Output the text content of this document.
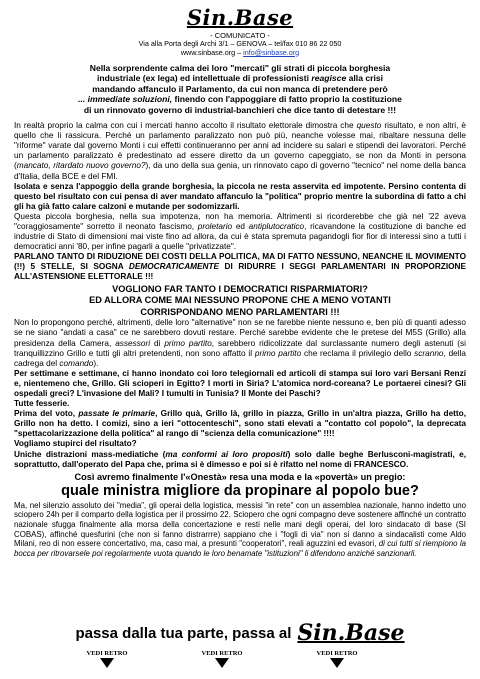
Sin.Base
- COMUNICATO -
Via alla Porta degli Archi 3/1 – GENOVA – tel/fax 010 86 22 050
www.sinbase.org – info@sinbase.org
Nella sorprendente calma dei loro "mercati" gli strati di piccola borghesia
industriale (ex lega) ed intellettuale di professionisti reagisce alla crisi
mandando affanculo il Parlamento, da cui non manca di pretendere però
... immediate soluzioni, finendo con l'appoggiare di fatto proprio la costituzione
di un rinnovato governo di industrial-banchieri che dice tanto di detestare !!!

In realtà proprio la calma con cui i mercati hanno accolto il risultato elettorale dimostra che questo risultato, e non altri, è quello che li rassicura. Perché un parlamento paralizzato non può più, neanche volesse mai, ribaltare nessuna delle "riforme" varate dal governo Monti i cui effetti continueranno per anni ad incidere su salari e stipendi dei lavoratori. Perché un parlamento paralizzato è predestinato ad essere diretto da un governo capeggiato, se non da Monti in persona (mancato, ritardato nuovo governo?), da uno della sua genia, un rinnovato capo di governo "tecnico" nel nome della banca d'Italia, della BCE e del FMI.

Isolata e senza l'appoggio della grande borghesia, la piccola ne resta asservita ed impotente. Persino contenta di questo bel risultato con cui pensa di aver mandato affanculo la "politica" proprio mentre la subordina di fatto a chi gli ha già fatto calare calzoni e mutande per sodomizzarli.

Questa piccola borghesia, nella sua impotenza, non ha memoria. Altrimenti si ricorderebbe che già nel '22 aveva "coraggiosamente" sorretto il neonato fascismo, proletario ed antiplutocratico, ricavandone la costituzione di banche ed industrie di Stato di dimensioni mai viste fino ad allora, da cui è stata spremuta pagandogli fior fior di interessi sino a tutti i democratici anni '80, per infine pagarli a quelle "privatizzate".

PARLANO TANTO DI RIDUZIONE DEI COSTI DELLA POLITICA, MA DI FATTO NESSUNO, NEANCHE IL MOVIMENTO (!!) 5 STELLE, SI SOGNA DEMOCRATICAMENTE DI RIDURRE I SEGGI PARLAMENTARI IN PROPORZIONE ALL'ASTENSIONE ELETTORALE !!!

VOGLIONO FAR TANTO I DEMOCRATICI RISPARMIATORI?
ED ALLORA COME MAI NESSUNO PROPONE CHE A MENO VOTANTI
CORRISPONDANO MENO PARLAMENTARI !!!

Non lo propongono perché, altrimenti, delle loro "alternative" non se ne farebbe niente nessuno e, ben più di quanti adesso se ne siano "andati a casa" ce ne sarebbero dovuti restare. Perché sarebbe evidente che le pretese del M5S (Grillo) alla presidenza della Camera, assessori di primo partito, sarebbero ridicolizzate dal surclassante numero degli astenuti (si tranquillizzino Grillo e tutti gli altri pretendenti, non sono affatto il primo partito che reclama il privilegio dello scranno, della cadrega del comando).

Per settimane e settimane, ci hanno inondato coi loro telegiornali ed articoli di stampa sui loro vari Bersani Renzi e, nientemeno che, Grillo. Gli scioperi in Egitto? I morti in Siria? L'atomica nord-coreana? Le portaerei cinesi? Gli ospedali greci? L'invasione del Mali? I tumulti in Tunisia? Il Monte dei Paschi?

Tutte fesserie.

Prima del voto, passate le primarie, Grillo quà, Grillo là, grillo in piazza, Grillo in un'altra piazza, Grillo ha detto, Grillo non ha detto. I comizi, sino a ieri "ottocenteschi", sono stati elevati a "contatto col popolo", la deprecata "spettacolarizzazione della politica" al rango di "scienza della comunicazione" !!!!

Vogliamo stupirci del risultato?

Uniche distrazioni mass-mediatiche (ma conformi ai loro propositi) solo dalle beghe Berlusconi-magistrati, e, soprattutto, dall'operato del Papa che, prima si è dimesso e poi si è rifatto nel nome di FRANCESCO.

Così avremo finalmente l'«Onestà» resa una moda e la «povertà» un pregio:
quale ministra migliore da propinare al popolo bue?

Ma, nel silenzio assoluto dei "media", gli operai della logistica, messisi "in rete" con un assemblea nazionale, hanno indetto uno sciopero 24h per il comparto della logistica per il prossimo 22. Sciopero che ogni compagno deve sostenere affinché un contratto nazionale sfugga finalmente alla morsa della concertazione e resti nelle mani degli operai, del loro sindacato di base (SI COBAS), affinché quesfurini (che non si fanno distrarrre) sappiano che i "fogli di via" non si danno a sindacalisti come Aldo Milani, reo di non essere concertativo, ma, caso mai, a presunti "cooperatori", reali aguzzini ed evasori, di cui tutti si riempiono la bocca per ritrovarsele poi regolarmente vuota quando le loro benamate "istituzioni" li difendono anziché sanzionarli.

passa dalla tua parte, passa al Sin.Base
VEDI RETRO	VEDI RETRO	VEDI RETRO
